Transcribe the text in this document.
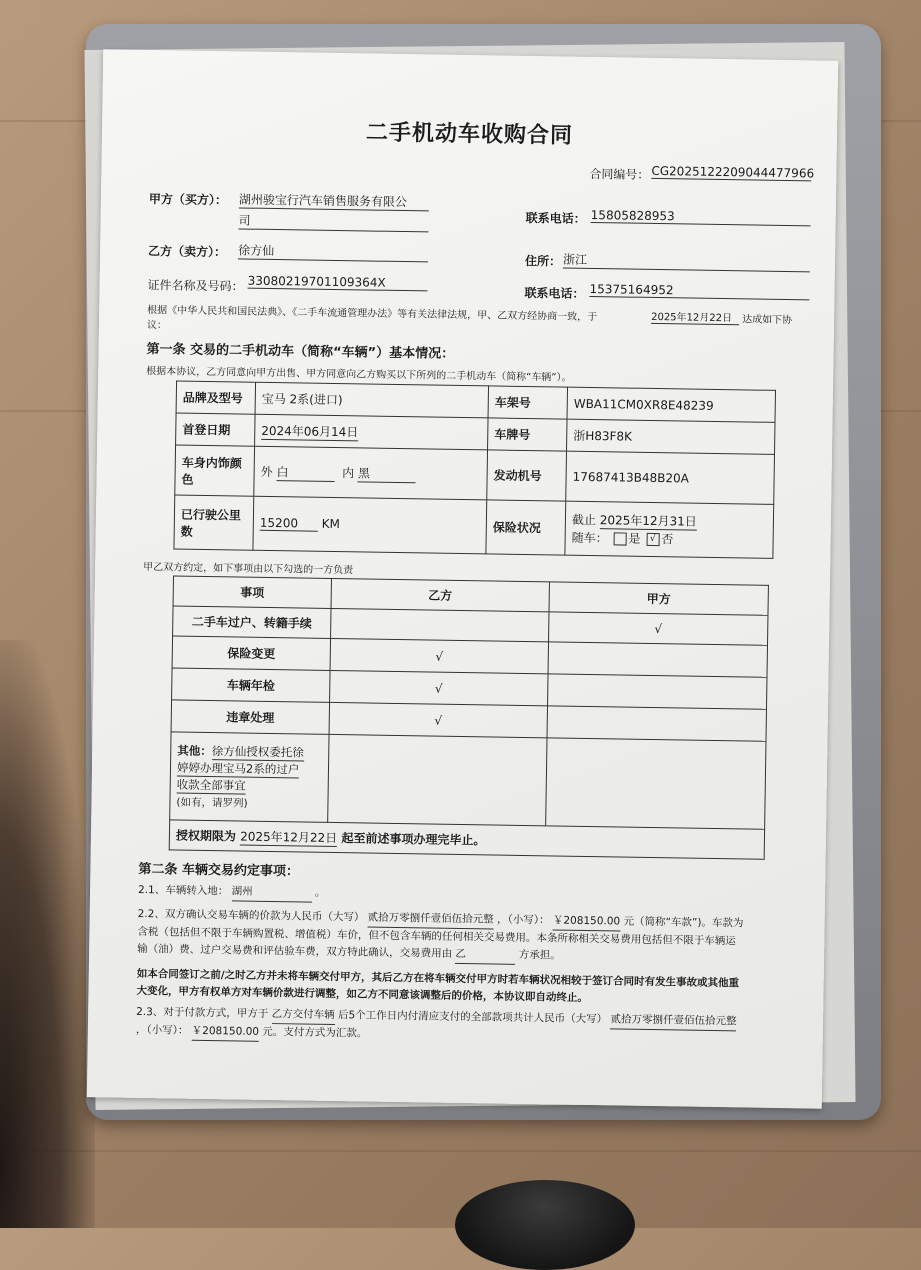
二手机动车收购合同
合同编号： CG2025122209044477966
甲方（买方）： 湖州骏宝行汽车销售服务有限公
司	联系电话： 15805828953
乙方（卖方）： 徐方仙
住所： 浙江
证件名称及号码： 33080219701109364X
联系电话： 15375164952
根据《中华人民共和国民法典》、《二手车流通管理办法》等有关法律法规，甲、乙双方经协商一致，于	2025年12月22日 达成如下协
议：
第一条 交易的二手机动车（简称“车辆”）基本情况：
根据本协议，乙方同意向甲方出售、甲方同意向乙方购买以下所列的二手机动车（简称“车辆”）。
品牌及型号	宝马 2系(进口)	车架号	WBA11CM0XR8E48239
首登日期	2024年06月14日	车牌号	浙H83F8K
车身内饰颜
色	外 白 内 黑	发动机号	17687413B48B20A
已行驶公里
数	15200 KM	保险状况	截止 2025年12月31日
随车： 是 √ 否
甲乙双方约定，如下事项由以下勾选的一方负责
事项	乙方	甲方
二手车过户、转籍手续		√
保险变更	√	
车辆年检	√	
违章处理	√	
其他：徐方仙授权委托徐
婷婷办理宝马2系的过户
收款全部事宜
(如有，请罗列)		
授权期限为 2025年12月22日 起至前述事项办理完毕止。		
第二条 车辆交易约定事项：
2.1、车辆转入地： 湖州	。
2.2、双方确认交易车辆的价款为人民币（大写） 贰拾万零捌仟壹佰伍拾元整 ，（小写）： ￥208150.00 元（简称“车款”)。车款为
含税（包括但不限于车辆购置税、增值税）车价，但不包含车辆的任何相关交易费用。本条所称相关交易费用包括但不限于车辆运
输（油）费、过户交易费和评估验车费，双方特此确认，交易费用由 乙	方承担。
如本合同签订之前/之时乙方并未将车辆交付甲方，其后乙方在将车辆交付甲方时若车辆状况相较于签订合同时有发生事故或其他重
大变化，甲方有权单方对车辆价款进行调整，如乙方不同意该调整后的价格，本协议即自动终止。
2.3、对于付款方式，甲方于 乙方交付车辆 后5个工作日内付清应支付的全部款项共计人民币（大写） 贰拾万零捌仟壹佰伍拾元整
，（小写）： ￥208150.00 元。支付方式为汇款。
